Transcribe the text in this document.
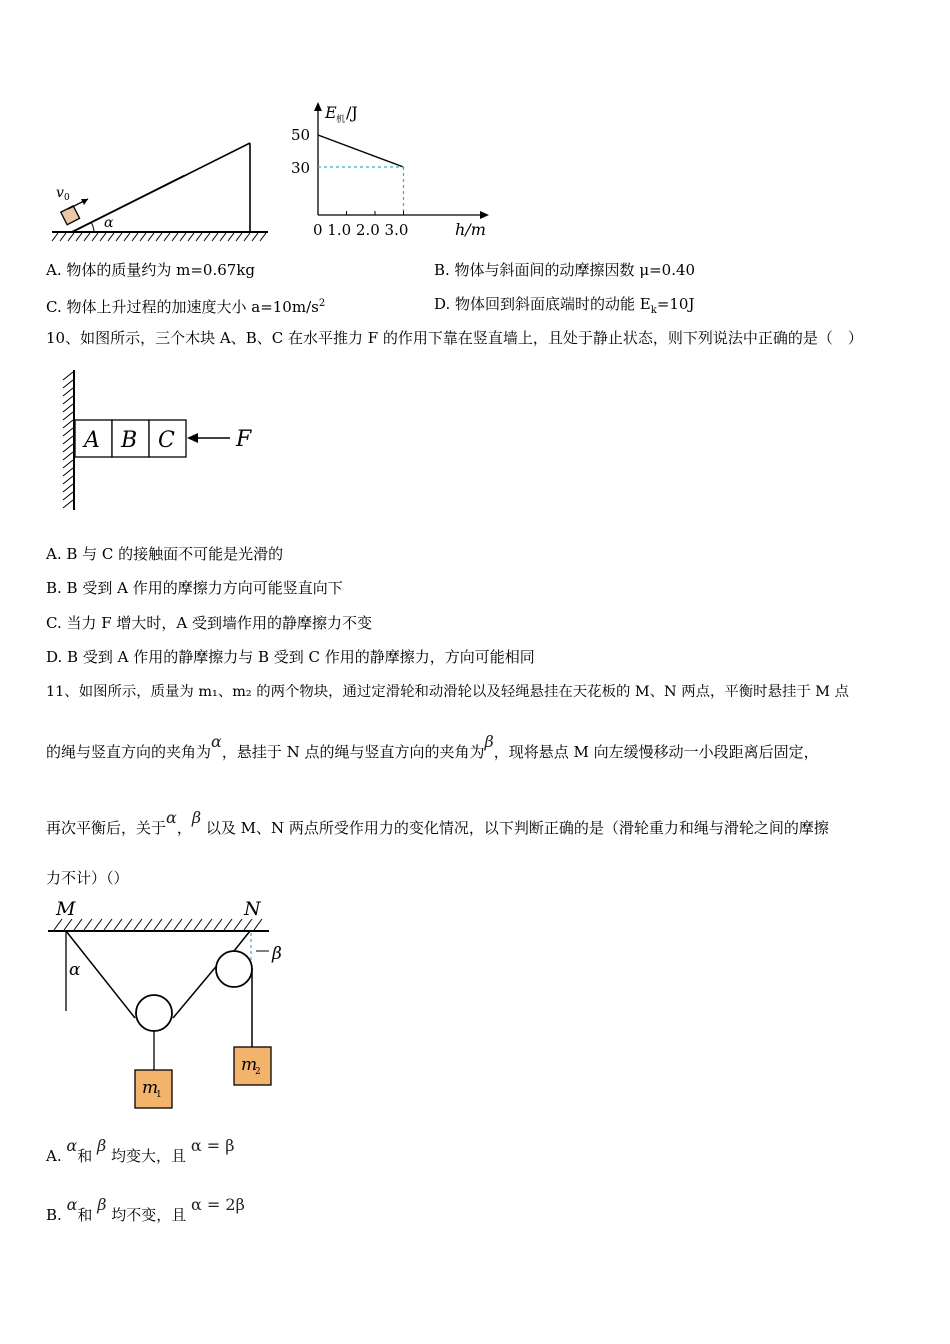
α
v 0
E 机 /J
50
30
0 1.0 2.0 3.0	h/m
A. 物体的质量约为 m=0.67kg	B. 物体与斜面间的动摩擦因数 μ=0.40
C. 物体上升过程的加速度大小 $a=10m/s^2$	D. 物体回到斜面底端时的动能 $E_k=10J$
10、如图所示，三个木块 A、B、C 在水平推力 F 的作用下靠在竖直墙上，且处于静止状态，则下列说法中正确的是（　）
A B C	F
A. B 与 C 的接触面不可能是光滑的
B. B 受到 A 作用的摩擦力方向可能竖直向下
C. 当力 F 增大时，A 受到墙作用的静摩擦力不变
D. B 受到 A 作用的静摩擦力与 B 受到 C 作用的静摩擦力，方向可能相同
11、如图所示，质量为 m₁、m₂ 的两个物块，通过定滑轮和动滑轮以及轻绳悬挂在天花板的 M、N 两点，平衡时悬挂于 M 点
的绳与竖直方向的夹角为α，悬挂于 N 点的绳与竖直方向的夹角为β，现将悬点 M 向左缓慢移动一小段距离后固定，
再次平衡后，关于α，β 以及 M、N 两点所受作用力的变化情况，以下判断正确的是（滑轮重力和绳与滑轮之间的摩擦
力不计）（）
M	N
α
β
m
1
m
2
A. α和 β 均变大，且 α = β
B. α和 β 均不变，且 α = 2β
